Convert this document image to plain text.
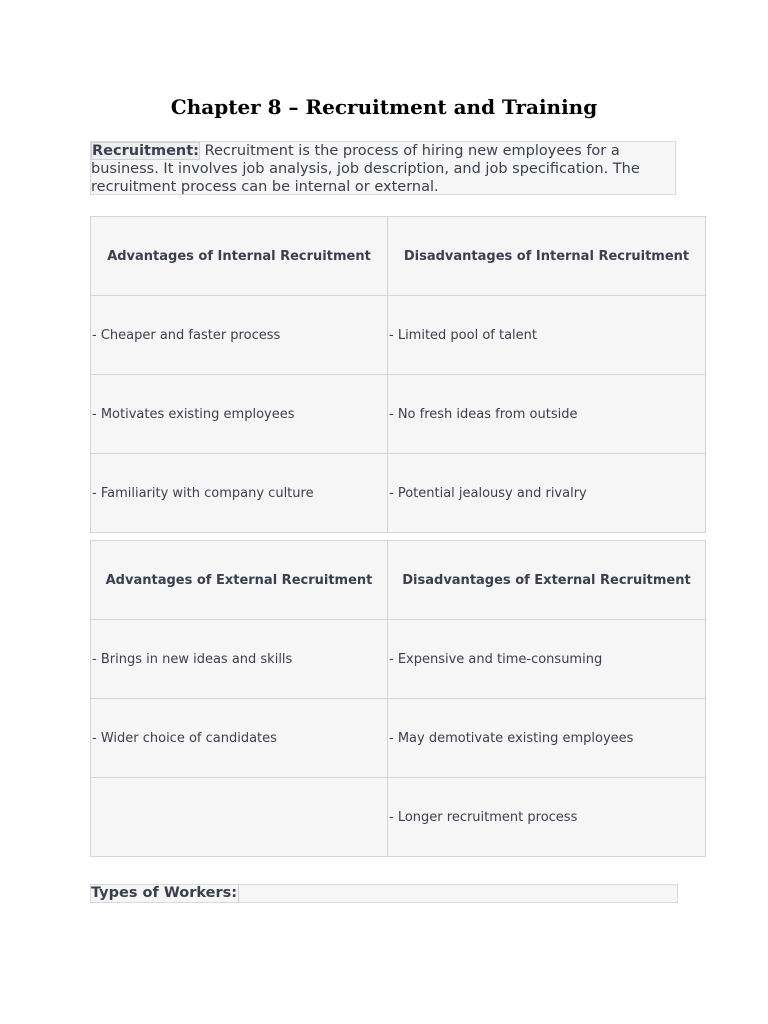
Chapter 8 – Recruitment and Training
Recruitment: Recruitment is the process of hiring new employees for a business. It involves job analysis, job description, and job specification. The recruitment process can be internal or external.
Advantages of Internal Recruitment	Disadvantages of Internal Recruitment
- Cheaper and faster process	- Limited pool of talent
- Motivates existing employees	- No fresh ideas from outside
- Familiarity with company culture	- Potential jealousy and rivalry
Advantages of External Recruitment	Disadvantages of External Recruitment
- Brings in new ideas and skills	- Expensive and time-consuming
- Wider choice of candidates	- May demotivate existing employees
	- Longer recruitment process
Types of Workers:
